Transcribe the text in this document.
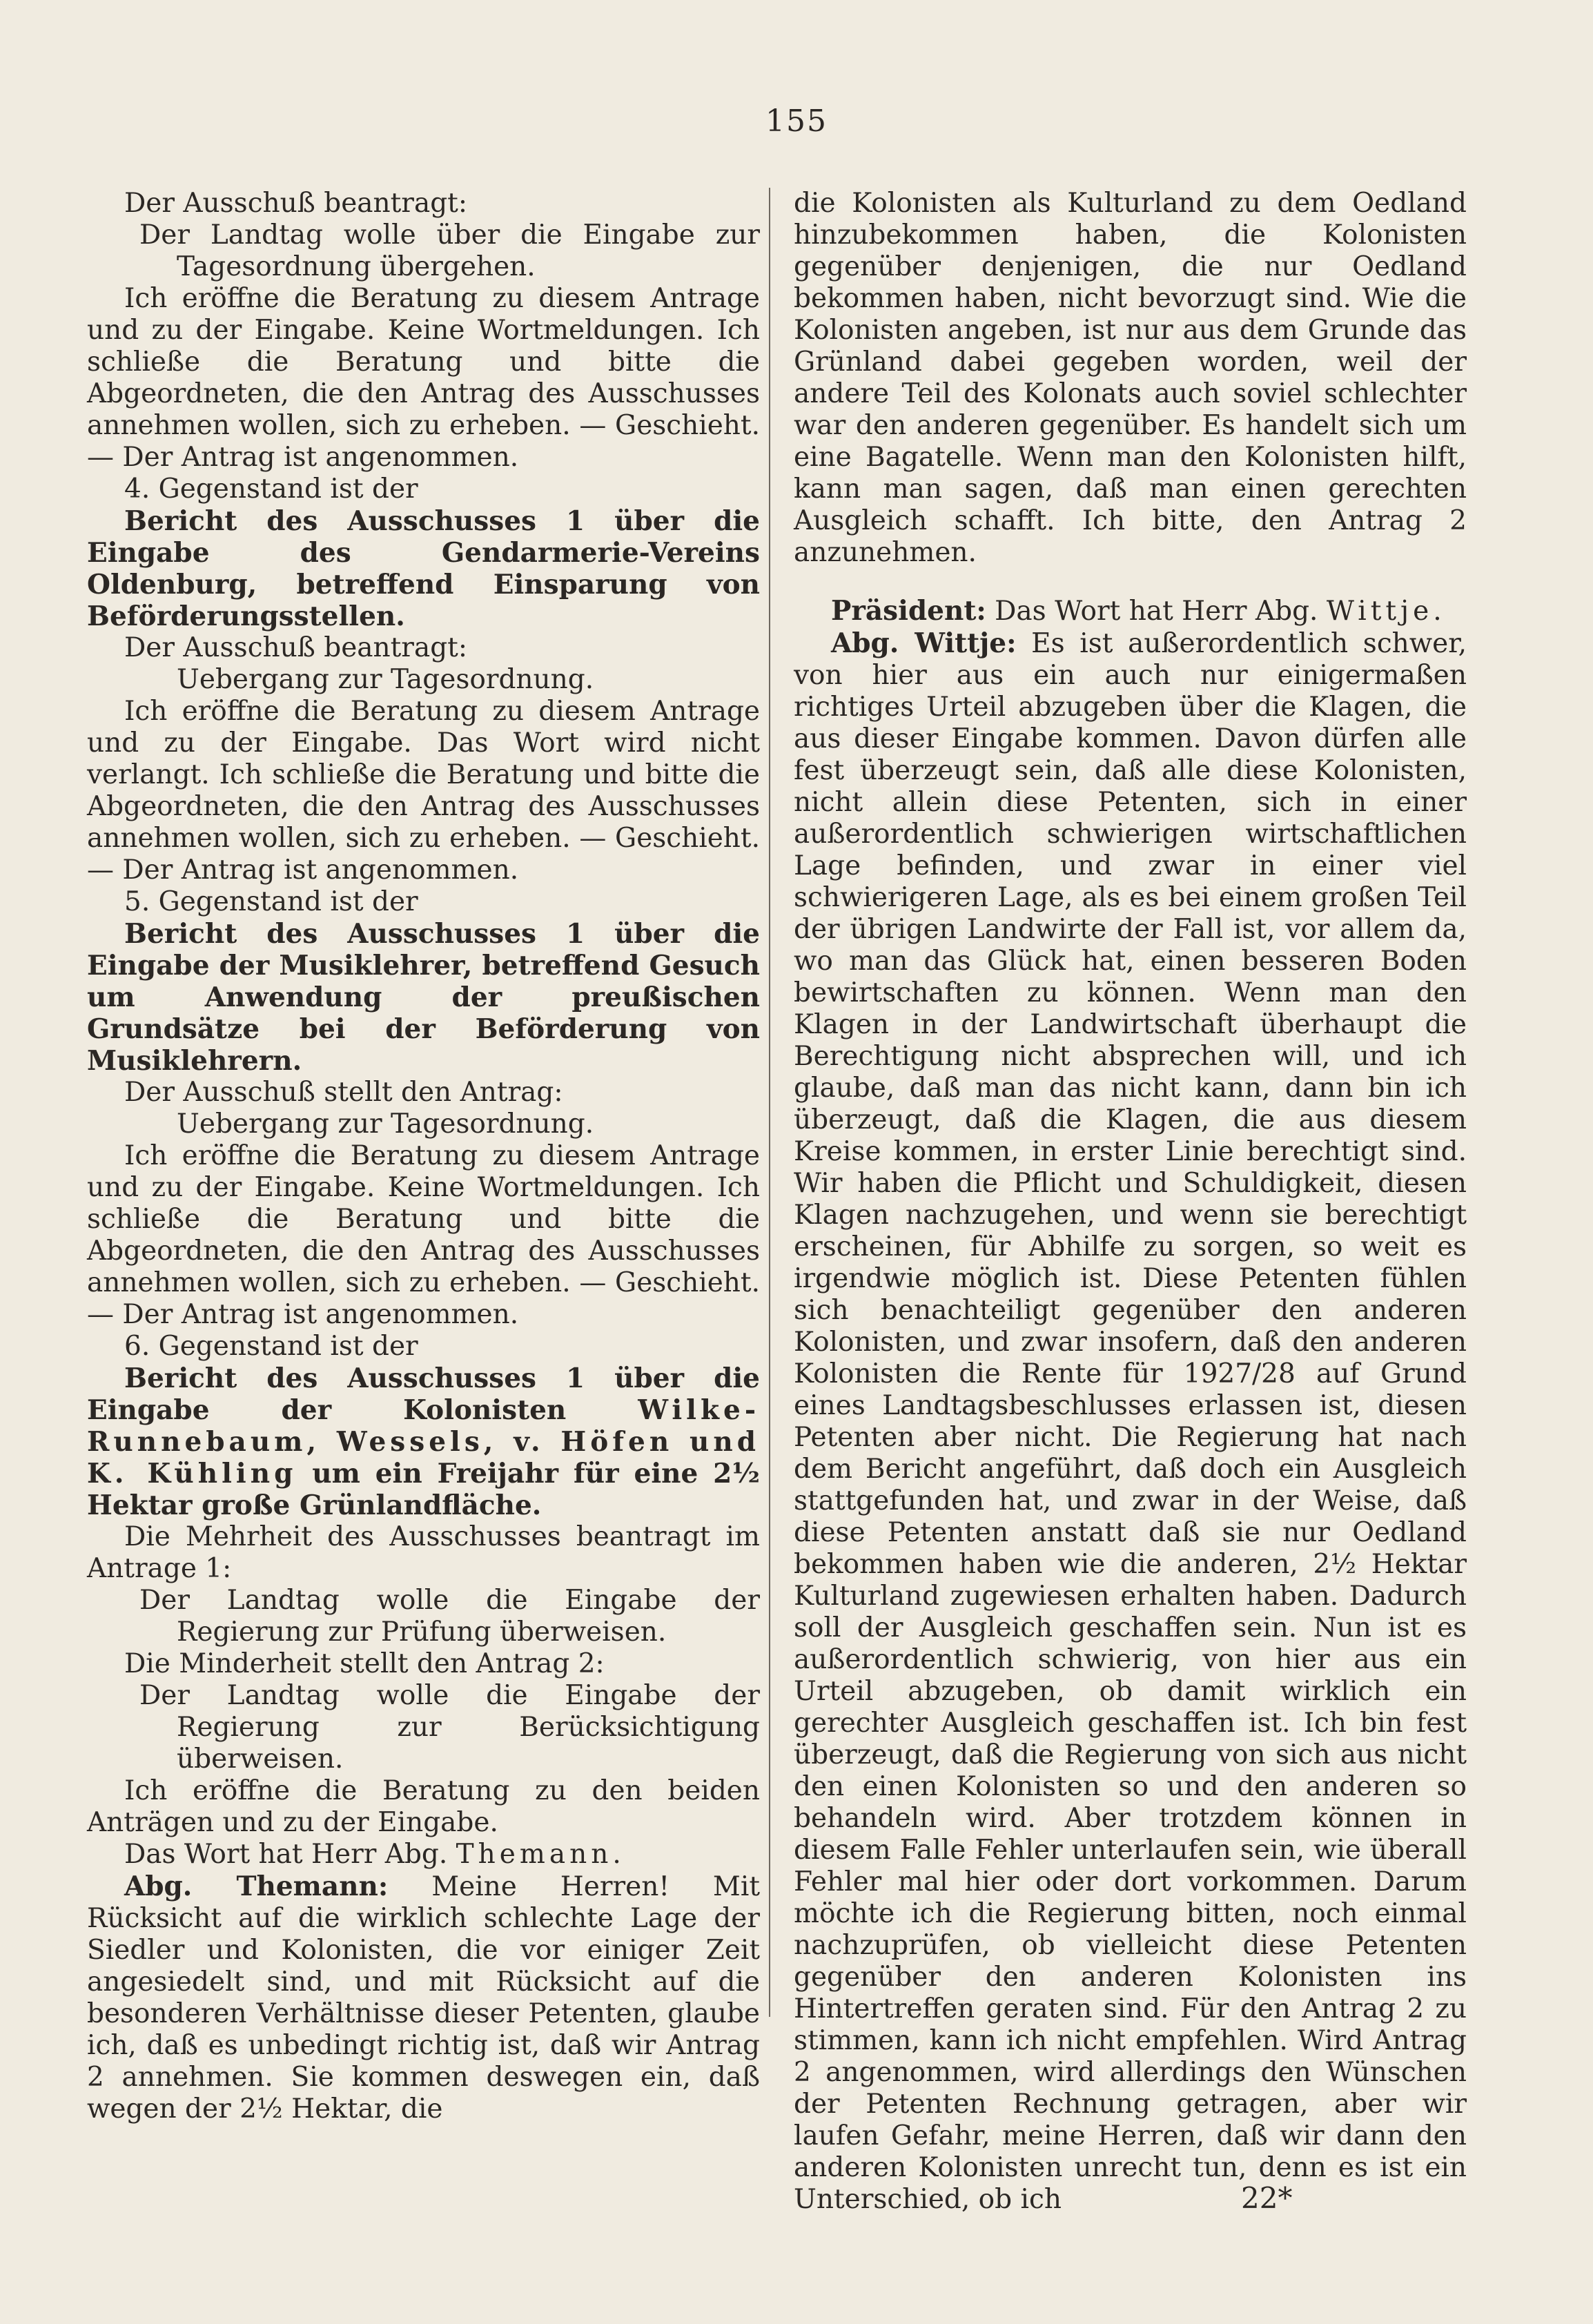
155

Der Ausschuß beantragt:

Der Landtag wolle über die Eingabe zur Tagesordnung übergehen.

Ich eröffne die Beratung zu diesem Antrage und zu der Eingabe. Keine Wortmeldungen. Ich schließe die Beratung und bitte die Abgeordneten, die den Antrag des Ausschusses annehmen wollen, sich zu erheben. — Geschieht. — Der Antrag ist angenommen.

4. Gegenstand ist der

Bericht des Ausschusses 1 über die Eingabe des Gendarmerie-Vereins Oldenburg, betreffend Einsparung von Beförderungsstellen.

Der Ausschuß beantragt:

Uebergang zur Tagesordnung.

Ich eröffne die Beratung zu diesem Antrage und zu der Eingabe. Das Wort wird nicht verlangt. Ich schließe die Beratung und bitte die Abgeordneten, die den Antrag des Ausschusses annehmen wollen, sich zu erheben. — Geschieht. — Der Antrag ist angenommen.

5. Gegenstand ist der

Bericht des Ausschusses 1 über die Eingabe der Musiklehrer, betreffend Gesuch um Anwendung der preußischen Grundsätze bei der Beförderung von Musiklehrern.

Der Ausschuß stellt den Antrag:

Uebergang zur Tagesordnung.

Ich eröffne die Beratung zu diesem Antrage und zu der Eingabe. Keine Wortmeldungen. Ich schließe die Beratung und bitte die Abgeordneten, die den Antrag des Ausschusses annehmen wollen, sich zu erheben. — Geschieht. — Der Antrag ist angenommen.

6. Gegenstand ist der

Bericht des Ausschusses 1 über die Eingabe der Kolonisten Wilke-Runnebaum, Wessels, v. Höfen und K. Kühling um ein Freijahr für eine 2½ Hektar große Grünlandfläche.

Die Mehrheit des Ausschusses beantragt im Antrage 1:

Der Landtag wolle die Eingabe der Regierung zur Prüfung überweisen.

Die Minderheit stellt den Antrag 2:

Der Landtag wolle die Eingabe der Regierung zur Berücksichtigung überweisen.

Ich eröffne die Beratung zu den beiden Anträgen und zu der Eingabe.

Das Wort hat Herr Abg. Themann.

Abg. Themann: Meine Herren! Mit Rücksicht auf die wirklich schlechte Lage der Siedler und Kolonisten, die vor einiger Zeit angesiedelt sind, und mit Rücksicht auf die besonderen Verhältnisse dieser Petenten, glaube ich, daß es unbedingt richtig ist, daß wir Antrag 2 annehmen. Sie kommen deswegen ein, daß wegen der 2½ Hektar, die

die Kolonisten als Kulturland zu dem Oedland hinzubekommen haben, die Kolonisten gegenüber denjenigen, die nur Oedland bekommen haben, nicht bevorzugt sind. Wie die Kolonisten angeben, ist nur aus dem Grunde das Grünland dabei gegeben worden, weil der andere Teil des Kolonats auch soviel schlechter war den anderen gegenüber. Es handelt sich um eine Bagatelle. Wenn man den Kolonisten hilft, kann man sagen, daß man einen gerechten Ausgleich schafft. Ich bitte, den Antrag 2 anzunehmen.

Präsident: Das Wort hat Herr Abg. Wittje.

Abg. Wittje: Es ist außerordentlich schwer, von hier aus ein auch nur einigermaßen richtiges Urteil abzugeben über die Klagen, die aus dieser Eingabe kommen. Davon dürfen alle fest überzeugt sein, daß alle diese Kolonisten, nicht allein diese Petenten, sich in einer außerordentlich schwierigen wirtschaftlichen Lage befinden, und zwar in einer viel schwierigeren Lage, als es bei einem großen Teil der übrigen Landwirte der Fall ist, vor allem da, wo man das Glück hat, einen besseren Boden bewirtschaften zu können. Wenn man den Klagen in der Landwirtschaft überhaupt die Berechtigung nicht absprechen will, und ich glaube, daß man das nicht kann, dann bin ich überzeugt, daß die Klagen, die aus diesem Kreise kommen, in erster Linie berechtigt sind. Wir haben die Pflicht und Schuldigkeit, diesen Klagen nachzugehen, und wenn sie berechtigt erscheinen, für Abhilfe zu sorgen, so weit es irgendwie möglich ist. Diese Petenten fühlen sich benachteiligt gegenüber den anderen Kolonisten, und zwar insofern, daß den anderen Kolonisten die Rente für 1927/28 auf Grund eines Landtagsbeschlusses erlassen ist, diesen Petenten aber nicht. Die Regierung hat nach dem Bericht angeführt, daß doch ein Ausgleich stattgefunden hat, und zwar in der Weise, daß diese Petenten anstatt daß sie nur Oedland bekommen haben wie die anderen, 2½ Hektar Kulturland zugewiesen erhalten haben. Dadurch soll der Ausgleich geschaffen sein. Nun ist es außerordentlich schwierig, von hier aus ein Urteil abzugeben, ob damit wirklich ein gerechter Ausgleich geschaffen ist. Ich bin fest überzeugt, daß die Regierung von sich aus nicht den einen Kolonisten so und den anderen so behandeln wird. Aber trotzdem können in diesem Falle Fehler unterlaufen sein, wie überall Fehler mal hier oder dort vorkommen. Darum möchte ich die Regierung bitten, noch einmal nachzuprüfen, ob vielleicht diese Petenten gegenüber den anderen Kolonisten ins Hintertreffen geraten sind. Für den Antrag 2 zu stimmen, kann ich nicht empfehlen. Wird Antrag 2 angenommen, wird allerdings den Wünschen der Petenten Rechnung getragen, aber wir laufen Gefahr, meine Herren, daß wir dann den anderen Kolonisten unrecht tun, denn es ist ein Unterschied, ob ich	22*
